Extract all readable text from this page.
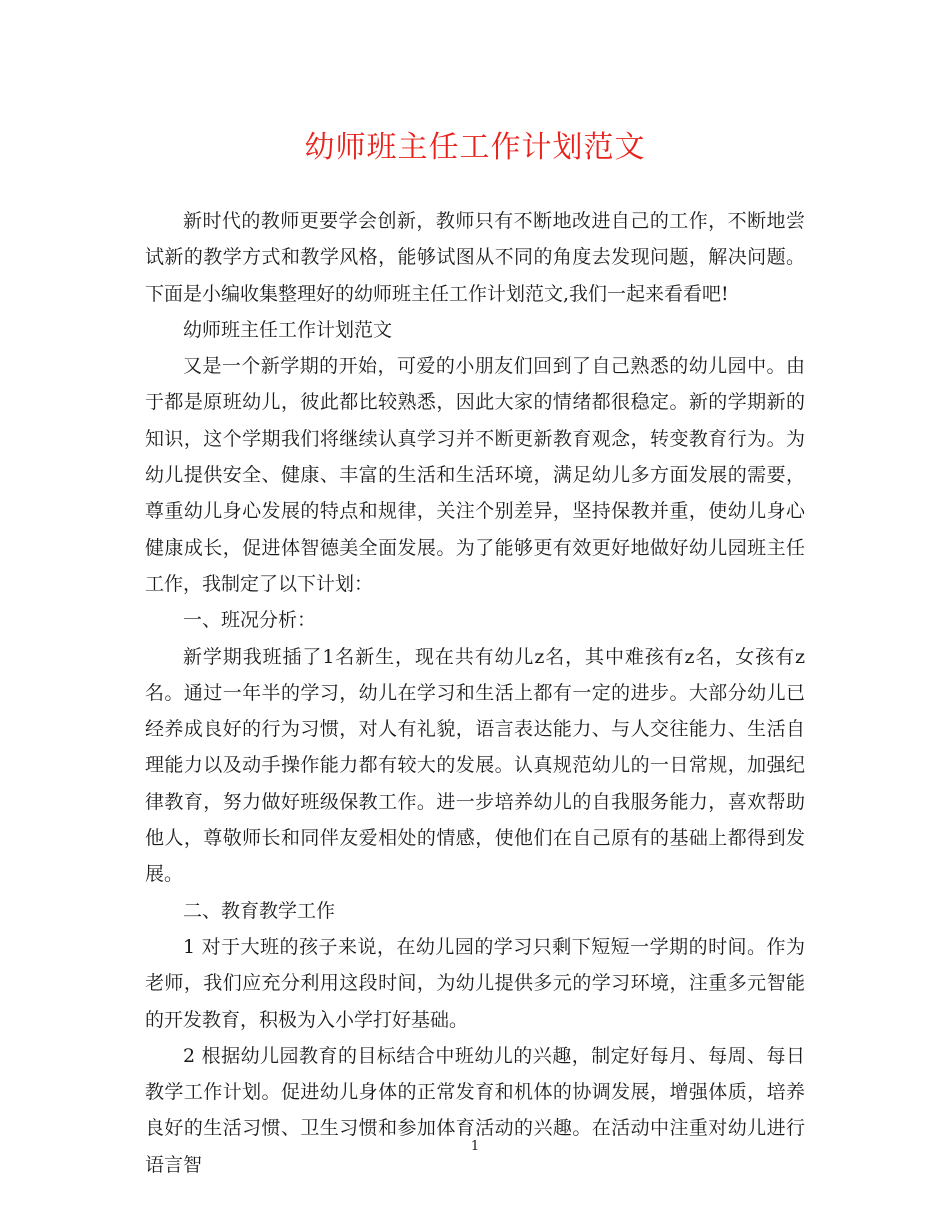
幼师班主任工作计划范文

新时代的教师更要学会创新，教师只有不断地改进自己的工作，不断地尝试新的教学方式和教学风格，能够试图从不同的角度去发现问题，解决问题。下面是小编收集整理好的幼师班主任工作计划范文,我们一起来看看吧!

幼师班主任工作计划范文

又是一个新学期的开始，可爱的小朋友们回到了自己熟悉的幼儿园中。由于都是原班幼儿，彼此都比较熟悉，因此大家的情绪都很稳定。新的学期新的知识，这个学期我们将继续认真学习并不断更新教育观念，转变教育行为。为幼儿提供安全、健康、丰富的生活和生活环境，满足幼儿多方面发展的需要，尊重幼儿身心发展的特点和规律，关注个别差异，坚持保教并重，使幼儿身心健康成长，促进体智德美全面发展。为了能够更有效更好地做好幼儿园班主任工作，我制定了以下计划：

一、班况分析：

新学期我班插了1名新生，现在共有幼儿z名，其中难孩有z名，女孩有z名。通过一年半的学习，幼儿在学习和生活上都有一定的进步。大部分幼儿已经养成良好的行为习惯，对人有礼貌，语言表达能力、与人交往能力、生活自理能力以及动手操作能力都有较大的发展。认真规范幼儿的一日常规，加强纪律教育，努力做好班级保教工作。进一步培养幼儿的自我服务能力，喜欢帮助他人，尊敬师长和同伴友爱相处的情感，使他们在自己原有的基础上都得到发展。

二、教育教学工作

1 对于大班的孩子来说，在幼儿园的学习只剩下短短一学期的时间。作为老师，我们应充分利用这段时间，为幼儿提供多元的学习环境，注重多元智能的开发教育，积极为入小学打好基础。

2 根据幼儿园教育的目标结合中班幼儿的兴趣，制定好每月、每周、每日教学工作计划。促进幼儿身体的正常发育和机体的协调发展，增强体质，培养良好的生活习惯、卫生习惯和参加体育活动的兴趣。在活动中注重对幼儿进行语言智

1
